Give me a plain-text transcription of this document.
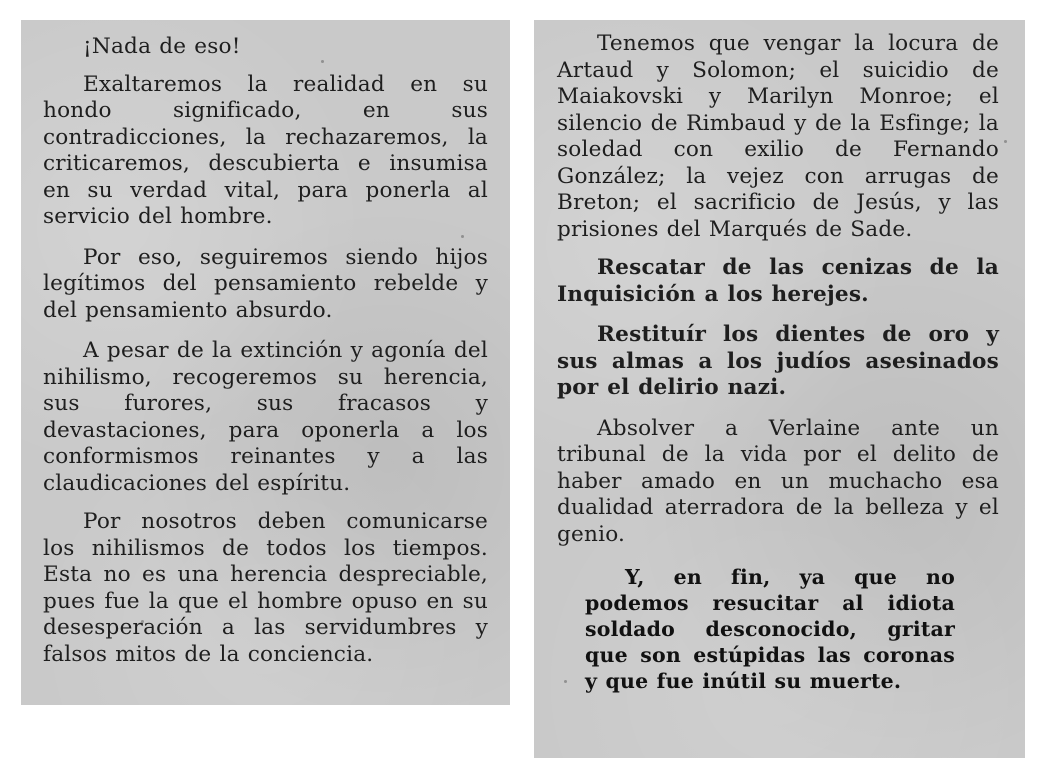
¡Nada de eso!

Exaltaremos la realidad en su hondo significado, en sus contradicciones, la rechazaremos, la criticaremos, descubierta e insumisa en su verdad vital, para ponerla al servicio del hombre.

Por eso, seguiremos siendo hijos legítimos del pensamiento rebelde y del pensamiento absurdo.

A pesar de la extinción y agonía del nihilismo, recogeremos su herencia, sus furores, sus fracasos y devastaciones, para oponerla a los conformismos reinantes y a las claudicaciones del espíritu.

Por nosotros deben comunicarse los nihilismos de todos los tiempos. Esta no es una herencia despreciable, pues fue la que el hombre opuso en su desesperación a las servidumbres y falsos mitos de la conciencia.

Tenemos que vengar la locura de Artaud y Solomon; el suicidio de Maiakovski y Marilyn Monroe; el silencio de Rimbaud y de la Esfinge; la soledad con exilio de Fernando González; la vejez con arrugas de Breton; el sacrificio de Jesús, y las prisiones del Marqués de Sade.

Rescatar de las cenizas de la Inquisición a los herejes.

Restituír los dientes de oro y sus almas a los judíos asesinados por el delirio nazi.

Absolver a Verlaine ante un tribunal de la vida por el delito de haber amado en un muchacho esa dualidad aterradora de la belleza y el genio.

Y, en fin, ya que no podemos resucitar al idiota soldado desconocido, gritar que son estúpidas las coronas y que fue inútil su muerte.
